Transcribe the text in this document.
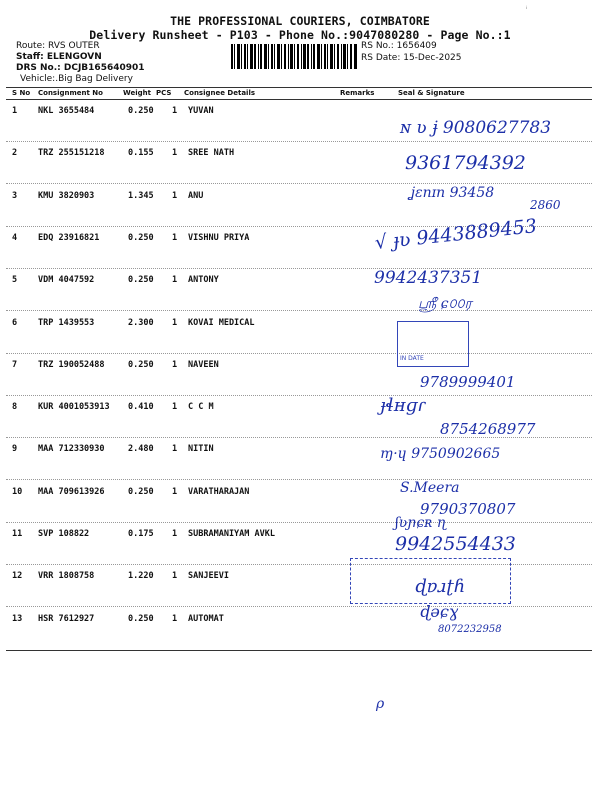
ꜟ
THE PROFESSIONAL COURIERS, COIMBATORE
Delivery Runsheet - P103 - Phone No.:9047080280 - Page No.:1
Route: RVS OUTER
Staff: ELENGOVN
DRS No.: DCJB165640901
Vehicle:.Big Bag Delivery
RS No.: 1656409
RS Date: 15-Dec-2025
S No Consignment No	Weight PCS Consignee Details	Remarks	Seal & Signature
1 NKL 3655484	0.250 1 YUVAN
2 TRZ 255151218	0.155 1 SREE NATH
3 KMU 3820903	1.345 1 ANU
4 EDQ 23916821	0.250 1 VISHNU PRIYA
5 VDM 4047592	0.250 1 ANTONY
6 TRP 1439553	2.300 1 KOVAI MEDICAL
7 TRZ 190052488	0.250 1 NAVEEN
8 KUR 4001053913 0.410 1 C C M
9 MAA 712330930	2.480 1 NITIN
10 MAA 709613926	0.250 1 VARATHARAJAN
11 SVP 108822	0.175 1 SUBRAMANIYAM AVKL
12 VRR 1808758	1.220 1 SANJEEVI
13 HSR 7612927	0.250 1 AUTOMAT
ɴ ʋ ɉ 9080627783
9361794392
ʝɛnɪn 93458
2860
√ ɟʋ 9443889453
9942437351
ஸ்ரீ ɕ௦௦ர
IN DATE
9789999401
ɟɬʜɡɾ
8754268977
ɱ·ɥ 9750902665
S.Meera
9790370807
ʃʋɲɕʀ ɳ
9942554433
ɖɐɹʈɦ
ɖəɕɣ
8072232958
ρ
